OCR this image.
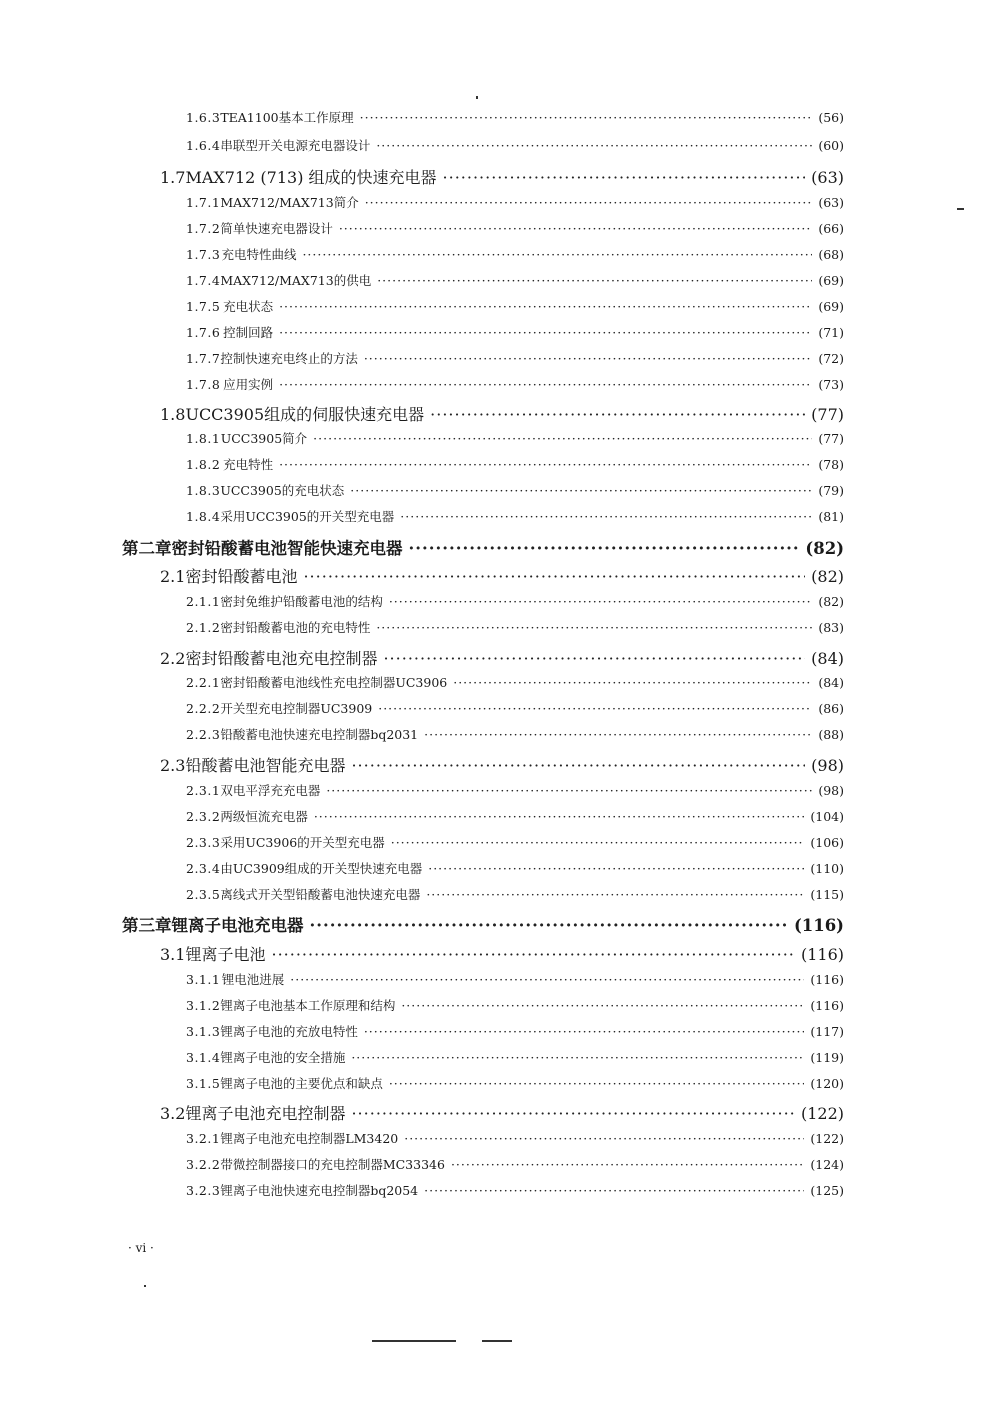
1.6.3 TEA1100基本工作原理 ·····	(56)
1.6.4 串联型开关电源充电器设计 ·····	(60)
1.7 MAX712 (713) 组成的快速充电器 ·····	(63)
1.7.1 MAX712/MAX713简介 ·····	(63)
1.7.2 简单快速充电器设计 ·····	(66)
1.7.3 充电特性曲线 ·····	(68)
1.7.4 MAX712/MAX713的供电 ·····	(69)
1.7.5 充电状态 ·····	(69)
1.7.6 控制回路 ·····	(71)
1.7.7 控制快速充电终止的方法 ·····	(72)
1.7.8 应用实例 ·····	(73)
1.8 UCC3905组成的伺服快速充电器 ·····	(77)
1.8.1 UCC3905简介 ·····	(77)
1.8.2 充电特性 ·····	(78)
1.8.3 UCC3905的充电状态 ·····	(79)
1.8.4 采用UCC3905的开关型充电器 ·····	(81)
第二章 密封铅酸蓄电池智能快速充电器 ·····	(82)
2.1 密封铅酸蓄电池 ·····	(82)
2.1.1 密封免维护铅酸蓄电池的结构 ·····	(82)
2.1.2 密封铅酸蓄电池的充电特性 ·····	(83)
2.2 密封铅酸蓄电池充电控制器 ·····	(84)
2.2.1 密封铅酸蓄电池线性充电控制器UC3906 ·····	(84)
2.2.2 开关型充电控制器UC3909 ·····	(86)
2.2.3 铅酸蓄电池快速充电控制器bq2031 ·····	(88)
2.3 铅酸蓄电池智能充电器 ·····	(98)
2.3.1 双电平浮充充电器 ·····	(98)
2.3.2 两级恒流充电器 ·····	(104)
2.3.3 采用UC3906的开关型充电器 ·····	(106)
2.3.4 由UC3909组成的开关型快速充电器 ·····	(110)
2.3.5 离线式开关型铅酸蓄电池快速充电器 ·····	(115)
第三章 锂离子电池充电器 ·····	(116)
3.1 锂离子电池 ·····	(116)
3.1.1 锂电池进展 ·····	(116)
3.1.2 锂离子电池基本工作原理和结构 ·····	(116)
3.1.3 锂离子电池的充放电特性 ·····	(117)
3.1.4 锂离子电池的安全措施 ·····	(119)
3.1.5 锂离子电池的主要优点和缺点 ·····	(120)
3.2 锂离子电池充电控制器 ·····	(122)
3.2.1 锂离子电池充电控制器LM3420 ·····	(122)
3.2.2 带微控制器接口的充电控制器MC33346 ·····	(124)
3.2.3 锂离子电池快速充电控制器bq2054 ·····	(125)
· vi ·
